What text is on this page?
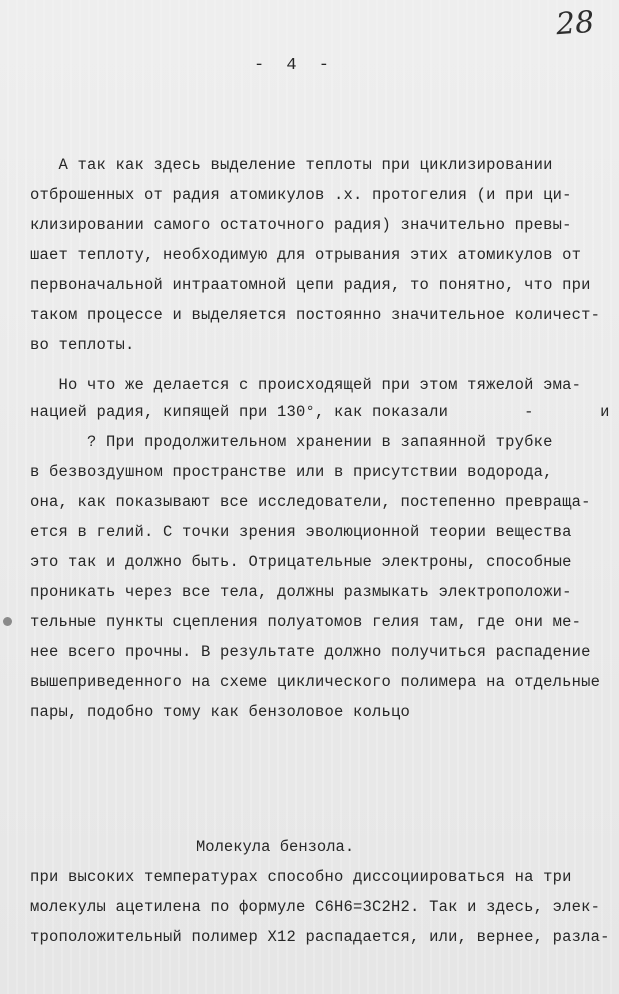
28
- 4 -
А так как здесь выделение теплоты при циклизировании
отброшенных от радия атомикулов .х. протогелия (и при ци-
клизировании самого остаточного радия) значительно превы-
шает теплоту, необходимую для отрывания этих атомикулов от
первоначальной интраатомной цепи радия, то понятно, что при
таком процессе и выделяется постоянно значительное количест-
во теплоты.
Но что же делается с происходящей при этом тяжелой эма-
нацией радия, кипящей при 130°, как показали        -       и
? При продолжительном хранении в запаянной трубке
в безвоздушном пространстве или в присутствии водорода,
она, как показывают все исследователи, постепенно превраща-
ется в гелий. С точки зрения эволюционной теории вещества
это так и должно быть. Отрицательные электроны, способные
проникать через все тела, должны размыкать электроположи-
тельные пункты сцепления полуатомов гелия там, где они ме-
нее всего прочны. В результате должно получиться распадение
вышеприведенного на схеме циклического полимера на отдельные
пары, подобно тому как бензоловое кольцо
Молекула бензола.
при высоких температурах способно диссоциироваться на три
молекулы ацетилена по формуле C6H6=3C2H2. Так и здесь, элек-
троположительный полимер X12 распадается, или, вернее, разла-
